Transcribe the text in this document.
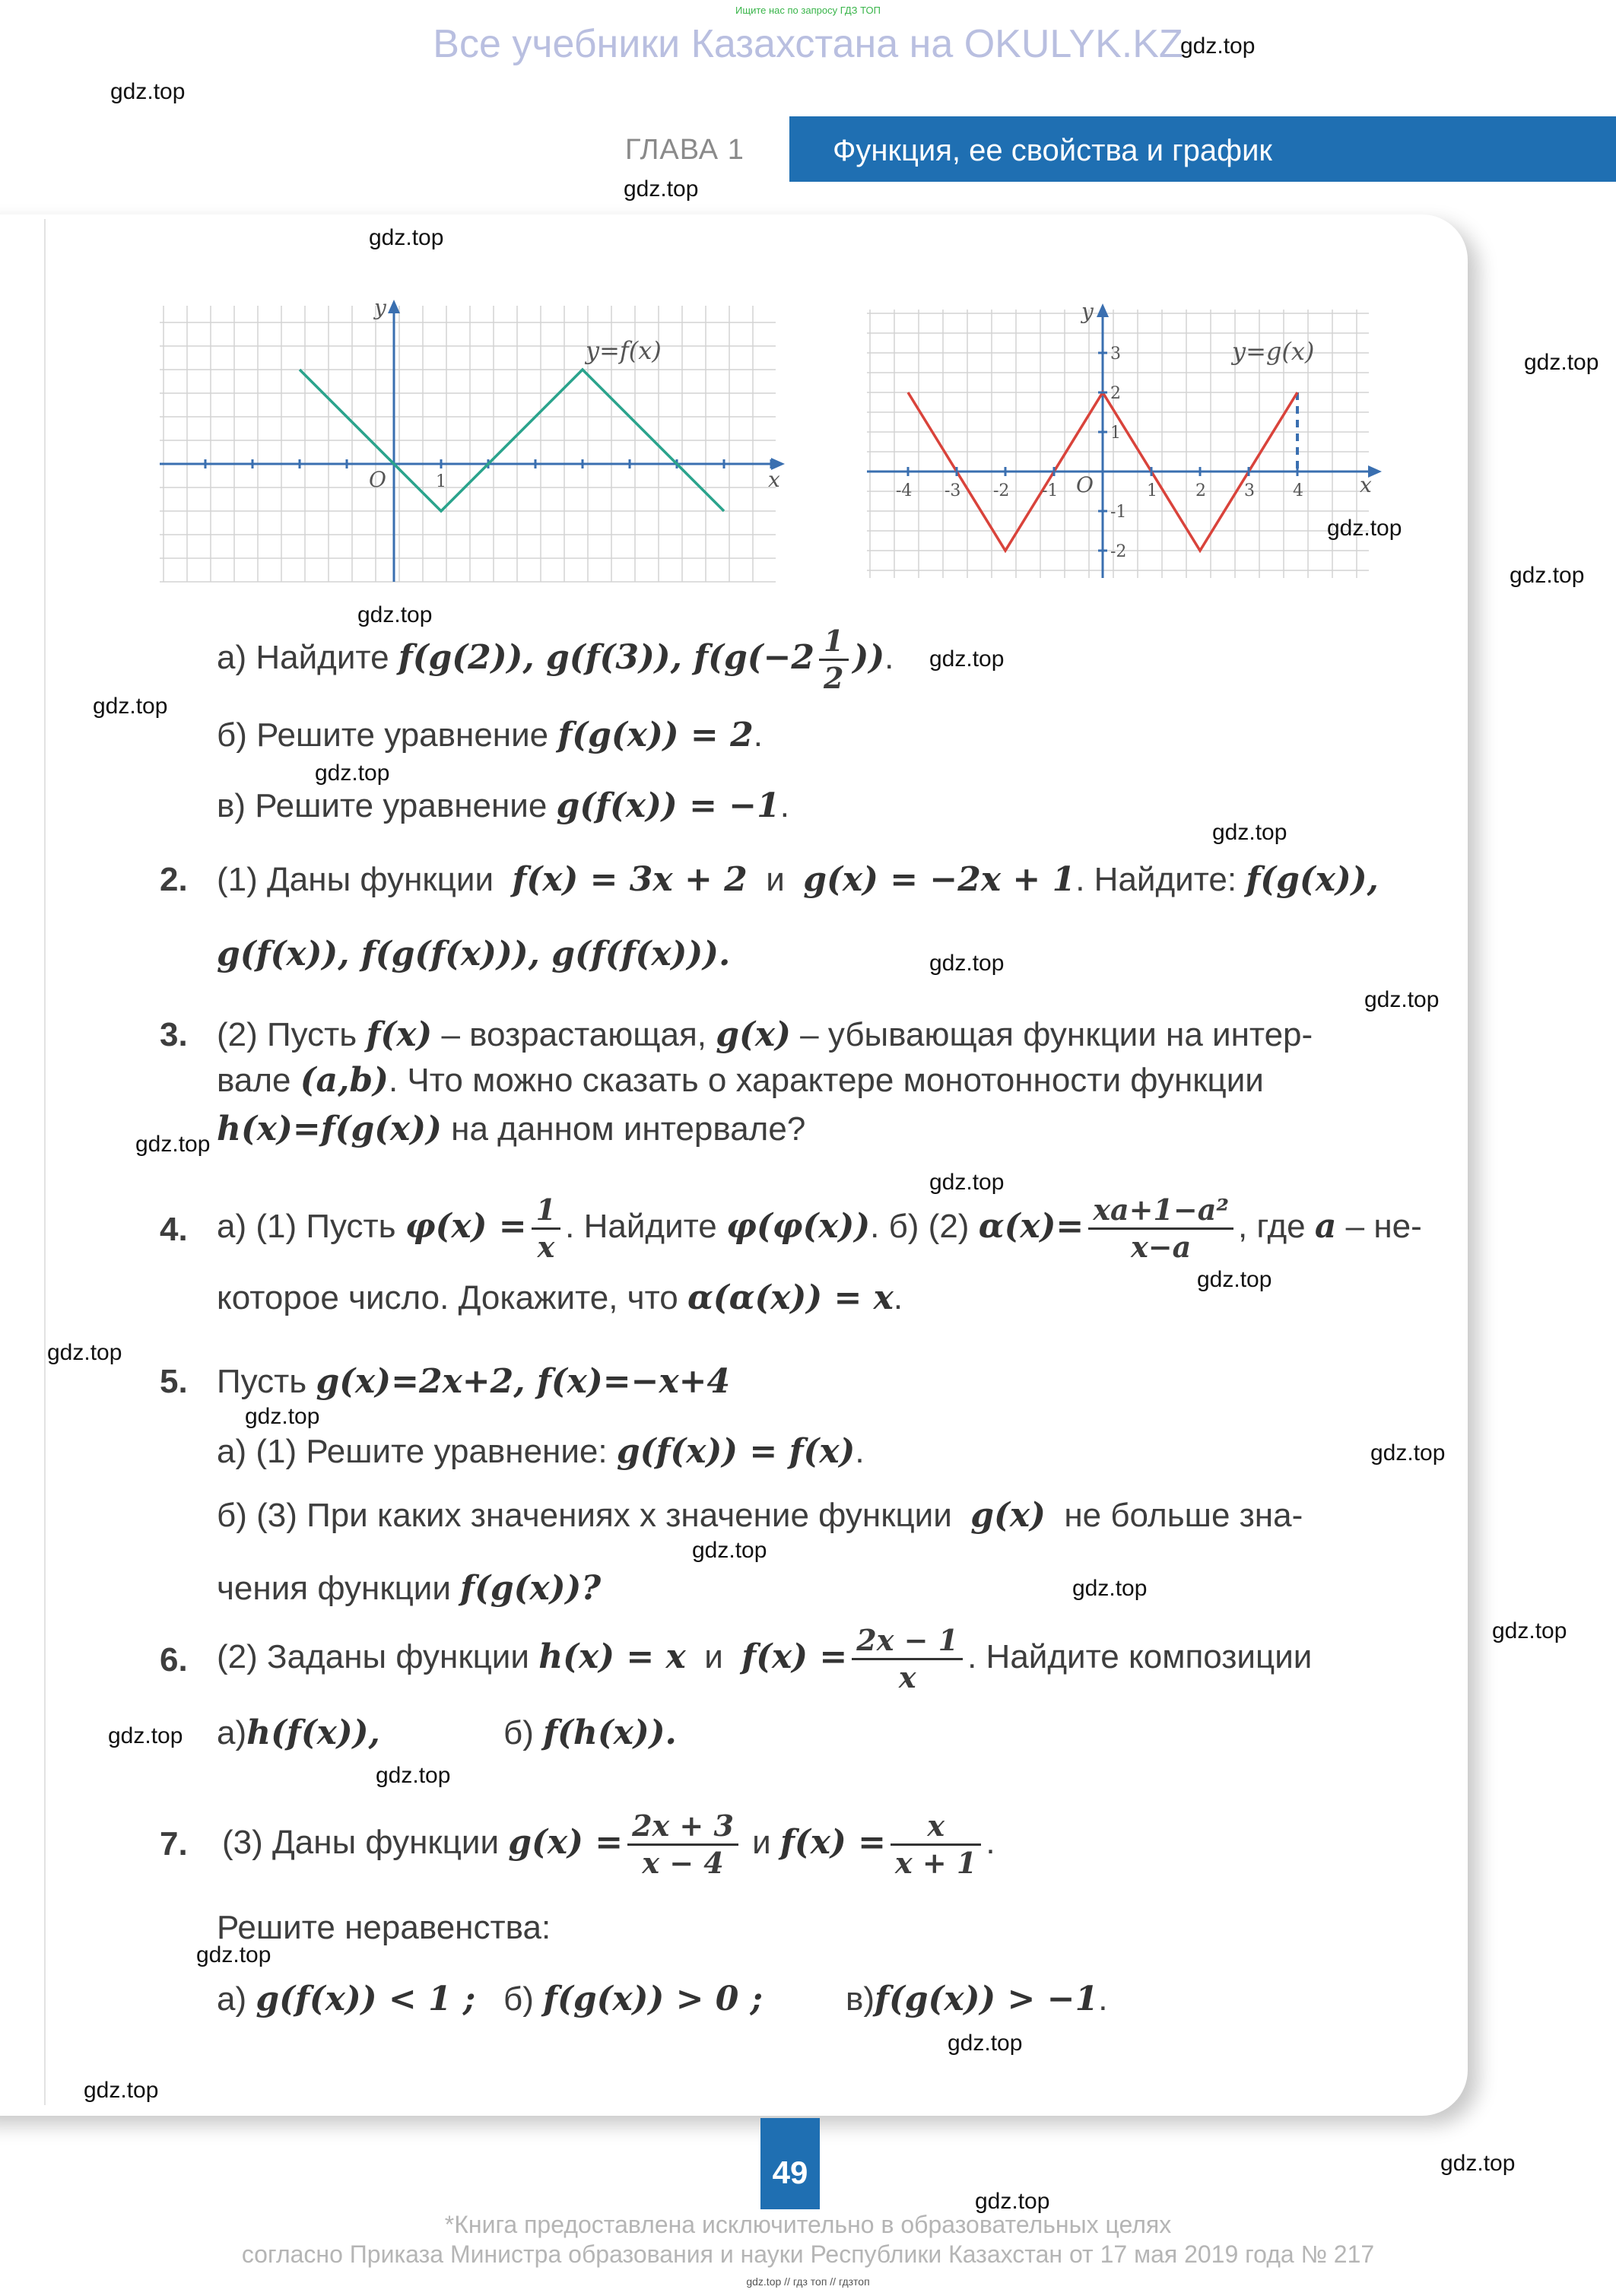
Ищите нас по запросу ГДЗ ТОП
Все учебники Казахстана на OKULYK.KZ
ГЛАВА 1	Функция, ее свойства и график
y
x
O	1
y=f(x)
-4 -3 -2 -1	1 2 3 4
3
2
1
-1
-2
y
x
O
y=g(x)
а) Найдите f(g(2)), g(f(3)), $f(g(-2 \frac{1}{2}$ )).
б) Решите уравнение f(g(x)) = 2.
в) Решите уравнение g(f(x)) = −1.
2. (1) Даны функции f(x) = 3x + 2 и g(x) = −2x + 1. Найдите: f(g(x)),
g(f(x)), f(g(f(x))), g(f(f(x))).
3. (2) Пусть f(x) – возрастающая, g(x) – убывающая функции на интер-
вале (a,b). Что можно сказать о характере монотонности функции
h(x)=f(g(x)) на данном интервале?
4. а) (1) Пусть $\varphi(x) = \frac{1}{x}$ . Найдите φ(φ(x)). б) (2) $\alpha(x)= \frac{\text{xa+1−a²}}{x-a}$ , где a – не-
которое число. Докажите, что α(α(x)) = x.
5. Пусть g(x)=2x+2, f(x)=−x+4
а) (1) Решите уравнение: g(f(x)) = f(x).
б) (3) При каких значениях x значение функции g(x) не больше зна-
чения функции f(g(x))?
6. (2) Заданы функции h(x) = x и $f(x) = \frac{2x - 1}{x}$ . Найдите композиции
а)h(f(x)),	б) f(h(x)).
7. (3) Даны функции $g(x) = \frac{2x + 3}{x - 4}$ и $f(x) = \frac{x}{x + 1}$ .
Решите неравенства:
а) g(f(x)) < 1 ; б) f(g(x)) > 0 ; в)f(g(x)) > −1.
49
*Книга предоставлена исключительно в образовательных целях
согласно Приказа Министра образования и науки Республики Казахстан от 17 мая 2019 года № 217
gdz.top // гдз топ // гдзтоп
gdz.top
gdz.top
gdz.top
gdz.top
gdz.top
gdz.top
gdz.top
gdz.top
gdz.top
gdz.top
gdz.top
gdz.top
gdz.top
gdz.top
gdz.top
gdz.top
gdz.top
gdz.top
gdz.top
gdz.top
gdz.top
gdz.top
gdz.top
gdz.top
gdz.top
gdz.top
gdz.top
gdz.top
gdz.top
gdz.top
